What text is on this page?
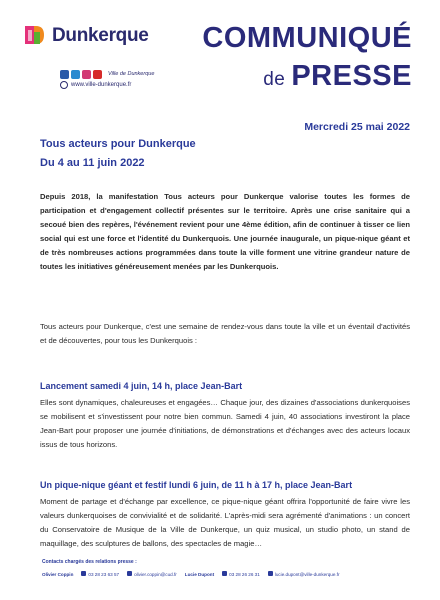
Dunkerque
Ville de Dunkerque
www.ville-dunkerque.fr
COMMUNIQUÉ
de PRESSE
Mercredi 25 mai 2022
Tous acteurs pour Dunkerque
Du 4 au 11 juin 2022
Depuis 2018, la manifestation Tous acteurs pour Dunkerque valorise toutes les formes de participation et d'engagement collectif présentes sur le territoire. Après une crise sanitaire qui a secoué bien des repères, l'événement revient pour une 4ème édition, afin de continuer à tisser ce lien social qui est une force et l'identité du Dunkerquois. Une journée inaugurale, un pique-nique géant et de très nombreuses actions programmées dans toute la ville forment une vitrine grandeur nature de toutes les initiatives généreusement menées par les Dunkerquois.
Tous acteurs pour Dunkerque, c'est une semaine de rendez-vous dans toute la ville et un éventail d'activités et de découvertes, pour tous les Dunkerquois :
Lancement samedi 4 juin, 14 h, place Jean-Bart
Elles sont dynamiques, chaleureuses et engagées… Chaque jour, des dizaines d'associations dunkerquoises se mobilisent et s'investissent pour notre bien commun. Samedi 4 juin, 40 associations investiront la place Jean-Bart pour proposer une journée d'initiations, de démonstrations et d'échanges avec des acteurs locaux issus de tous horizons.
Un pique-nique géant et festif lundi 6 juin, de 11 h à 17 h, place Jean-Bart
Moment de partage et d'échange par excellence, ce pique-nique géant offrira l'opportunité de faire vivre les valeurs dunkerquoises de convivialité et de solidarité. L'après-midi sera agrémenté d'animations : un concert du Conservatoire de Musique de la Ville de Dunkerque, un quiz musical, un studio photo, un stand de maquillage, des sculptures de ballons, des spectacles de magie…
Contacts chargés des relations presse :
Olivier Coppin	03 28 23 63 57	olivier.coppin@cud.fr Lucie Dupont	03 28 26 26 31	lucie.dupont@ville-dunkerque.fr
